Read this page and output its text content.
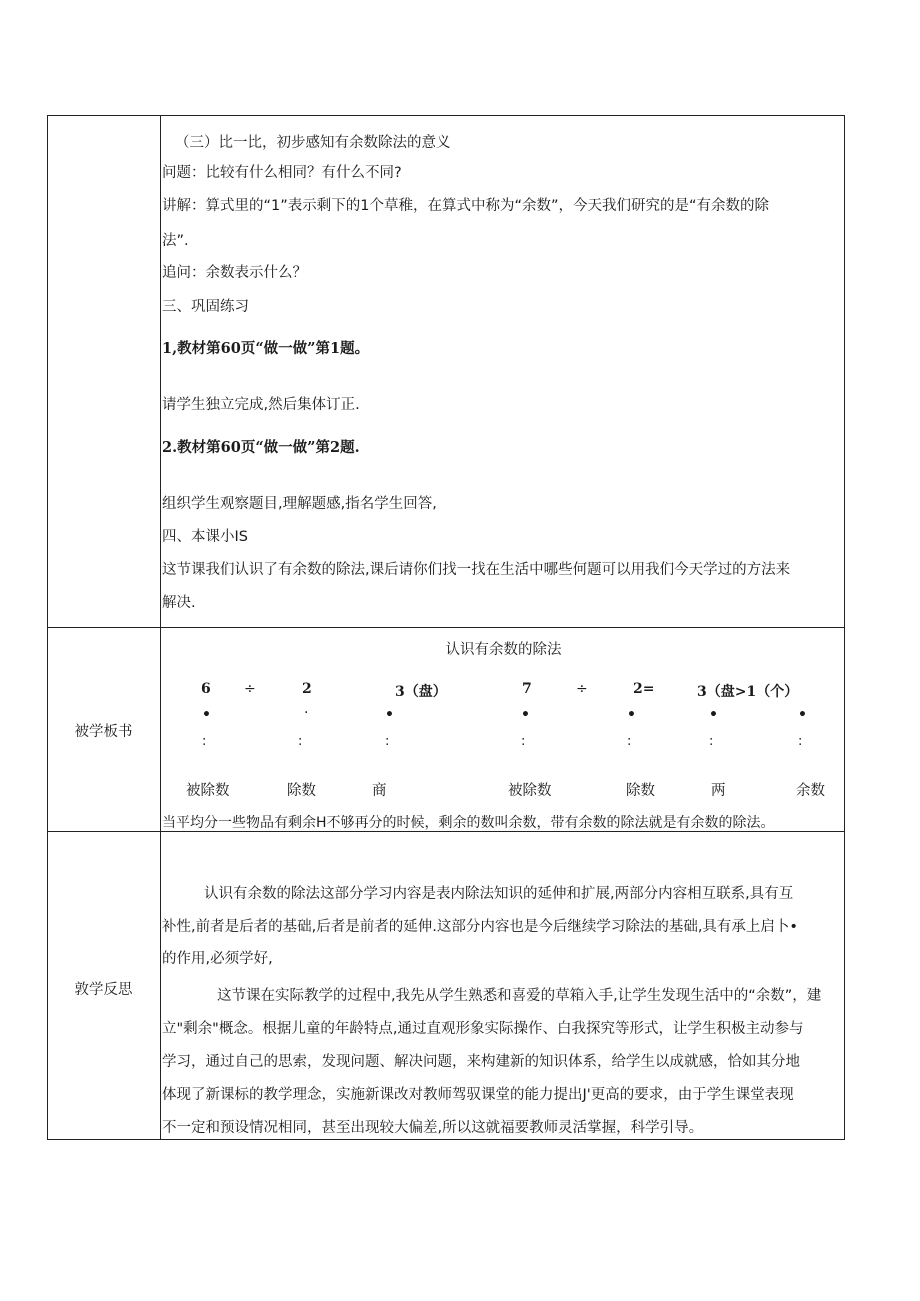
（三）比一比，初步感知有余数除法的意义
问题：比较有什么相同？有什么不同?
讲解：算式里的“1”表示剩下的1个草稚，在算式中称为“余数”，今天我们研究的是“有余数的除
法”.
追问：余数表示什么？
三、巩固练习
1,教材第60页“做一做”第1题。
请学生独立完成,然后集体订正.
2.教材第60页“做一做”第2题.
组织学生观察题目,理解题感,指名学生回答,
四、本课小IS
这节课我们认识了有余数的除法,课后请你们找一找在生活中哪些何题可以用我们今天学过的方法来
解决.
被学板书
认识有余数的除法
6 ÷	2	3（盘）	7	÷	2=	3（盘>1（个）
•	·	•	•	•	•	•
:	:	:	:	:	:	:
被除数	除数	商	被除数	除数	两	余数
当平均分一些物品有剩余H不够再分的时候，剩余的数叫余数，带有余数的除法就是有余数的除法。
敦学反思
认识有余数的除法这部分学习内容是表内除法知识的延伸和扩展,两部分内容相互联系,具有互
补性,前者是后者的基础,后者是前者的延伸.这部分内容也是今后继续学习除法的基础,具有承上启卜•
的作用,必须学好,
这节课在实际教学的过程中,我先从学生熟悉和喜爱的草箱入手,让学生发现生活中的“余数”，建
立"剩余"概念。根据儿童的年龄特点,通过直观形象实际操作、白我探究等形式，让学生积极主动参与
学习，通过自己的思索，发现问题、解决问题，来构建新的知识体系，给学生以成就感，恰如其分地
体现了新课标的教学理念，实施新课改对教师驾驭课堂的能力提出J'更高的要求，由于学生课堂表现
不一定和预设情况相同，甚至出现较大偏差,所以这就福要教师灵活掌握，科学引导。
